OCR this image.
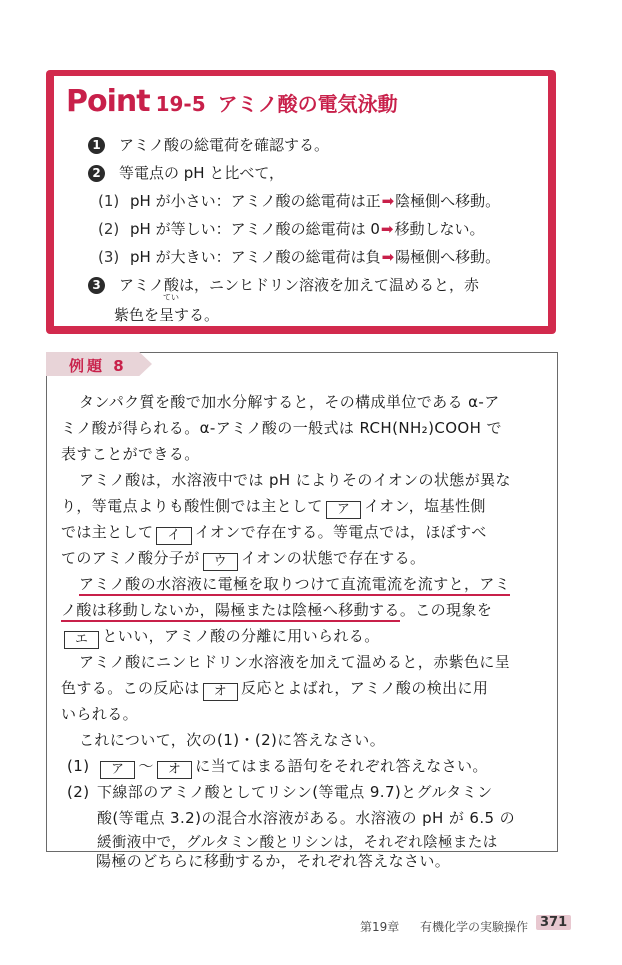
Point 19-5 アミノ酸の電気泳動
1 アミノ酸の総電荷を確認する。
2 等電点の pH と比べて，
(1) pH が小さい：アミノ酸の総電荷は正➡陰極側へ移動。
(2) pH が等しい：アミノ酸の総電荷は 0➡移動しない。
(3) pH が大きい：アミノ酸の総電荷は負➡陽極側へ移動。
3 アミノ酸は，ニンヒドリン溶液を加えて温めると，赤
紫色を呈する。
てい
例題 8
タンパク質を酸で加水分解すると，その構成単位である α-ア
ミノ酸が得られる。α-アミノ酸の一般式は RCH(NH₂)COOH で
表すことができる。
アミノ酸は，水溶液中では pH によりそのイオンの状態が異な
り，等電点よりも酸性側では主として ア イオン，塩基性側
では主として イ イオンで存在する。等電点では，ほぼすべ
てのアミノ酸分子が ウ イオンの状態で存在する。
アミノ酸の水溶液に電極を取りつけて直流電流を流すと，アミ
ノ酸は移動しないか，陽極または陰極へ移動する。この現象を
エ といい，アミノ酸の分離に用いられる。
アミノ酸にニンヒドリン水溶液を加えて温めると，赤紫色に呈
色する。この反応は オ 反応とよばれ，アミノ酸の検出に用
いられる。
これについて，次の(1)・(2)に答えなさい。
(1) ア 〜 オ に当てはまる語句をそれぞれ答えなさい。
(2) 下線部のアミノ酸としてリシン(等電点 9.7)とグルタミン
酸(等電点 3.2)の混合水溶液がある。水溶液の pH が 6.5 の
緩衝液中で，グルタミン酸とリシンは，それぞれ陰極または
陽極のどちらに移動するか，それぞれ答えなさい。
第19章 有機化学の実験操作 371
